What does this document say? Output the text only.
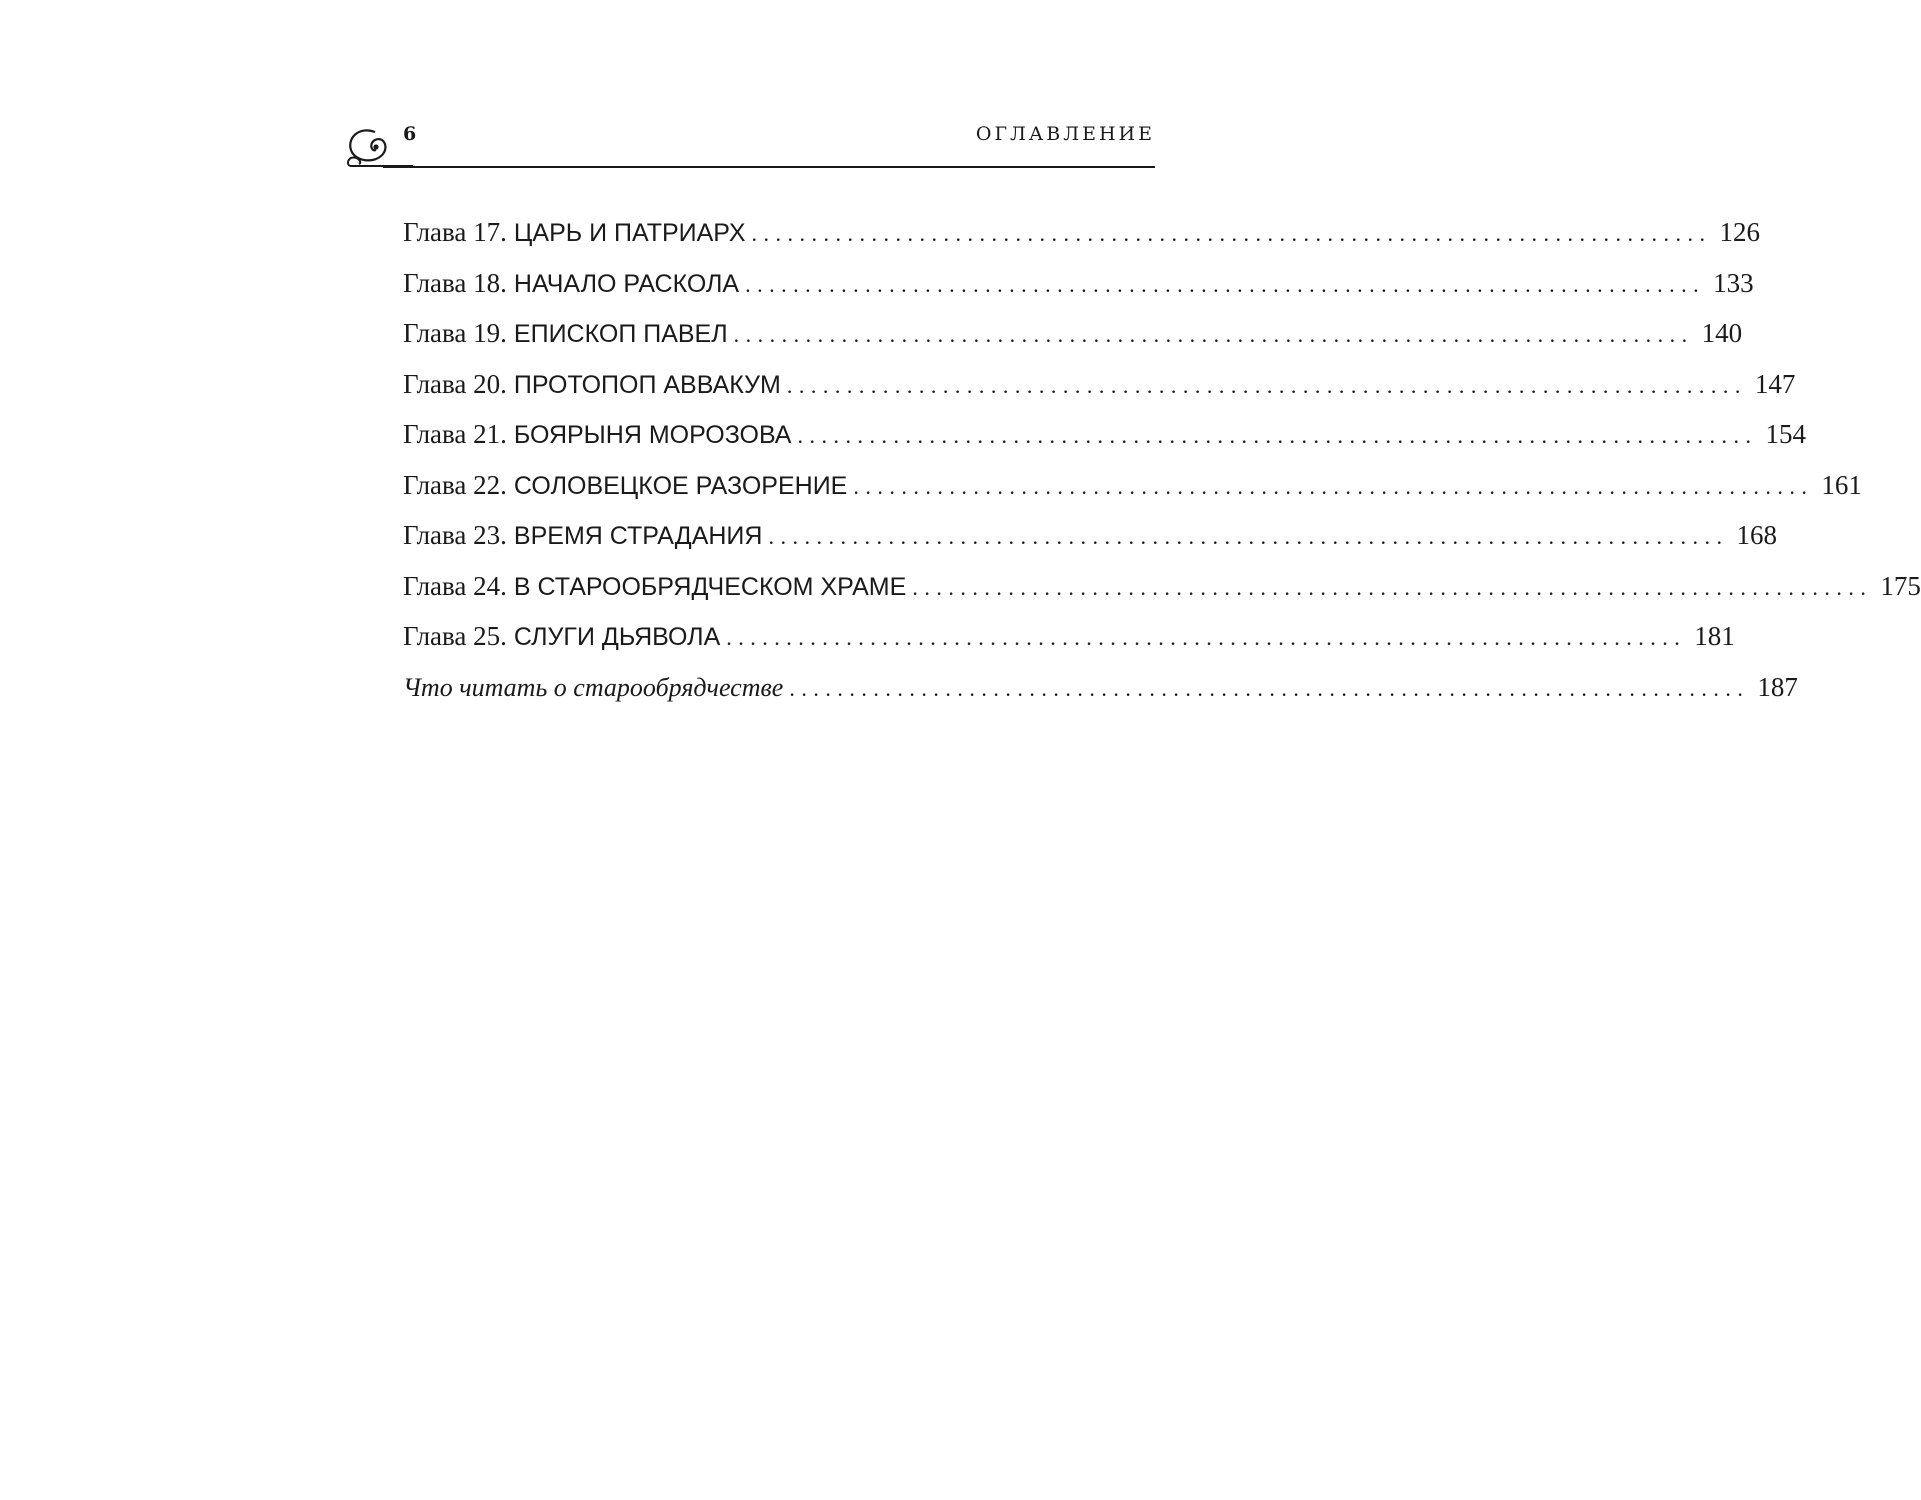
6	ОГЛАВЛЕНИЕ
Глава 17. ЦАРЬ И ПАТРИАРХ ................................................................................ 126
Глава 18. НАЧАЛО РАСКОЛА ................................................................................ 133
Глава 19. ЕПИСКОП ПАВЕЛ ................................................................................ 140
Глава 20. ПРОТОПОП АВВАКУМ ................................................................................ 147
Глава 21. БОЯРЫНЯ МОРОЗОВА ................................................................................ 154
Глава 22. СОЛОВЕЦКОЕ РАЗОРЕНИЕ ................................................................................ 161
Глава 23. ВРЕМЯ СТРАДАНИЯ ................................................................................ 168
Глава 24. В СТАРООБРЯДЧЕСКОМ ХРАМЕ ................................................................................ 175
Глава 25. СЛУГИ ДЬЯВОЛА ................................................................................ 181
Что читать о старообрядчестве ................................................................................ 187
